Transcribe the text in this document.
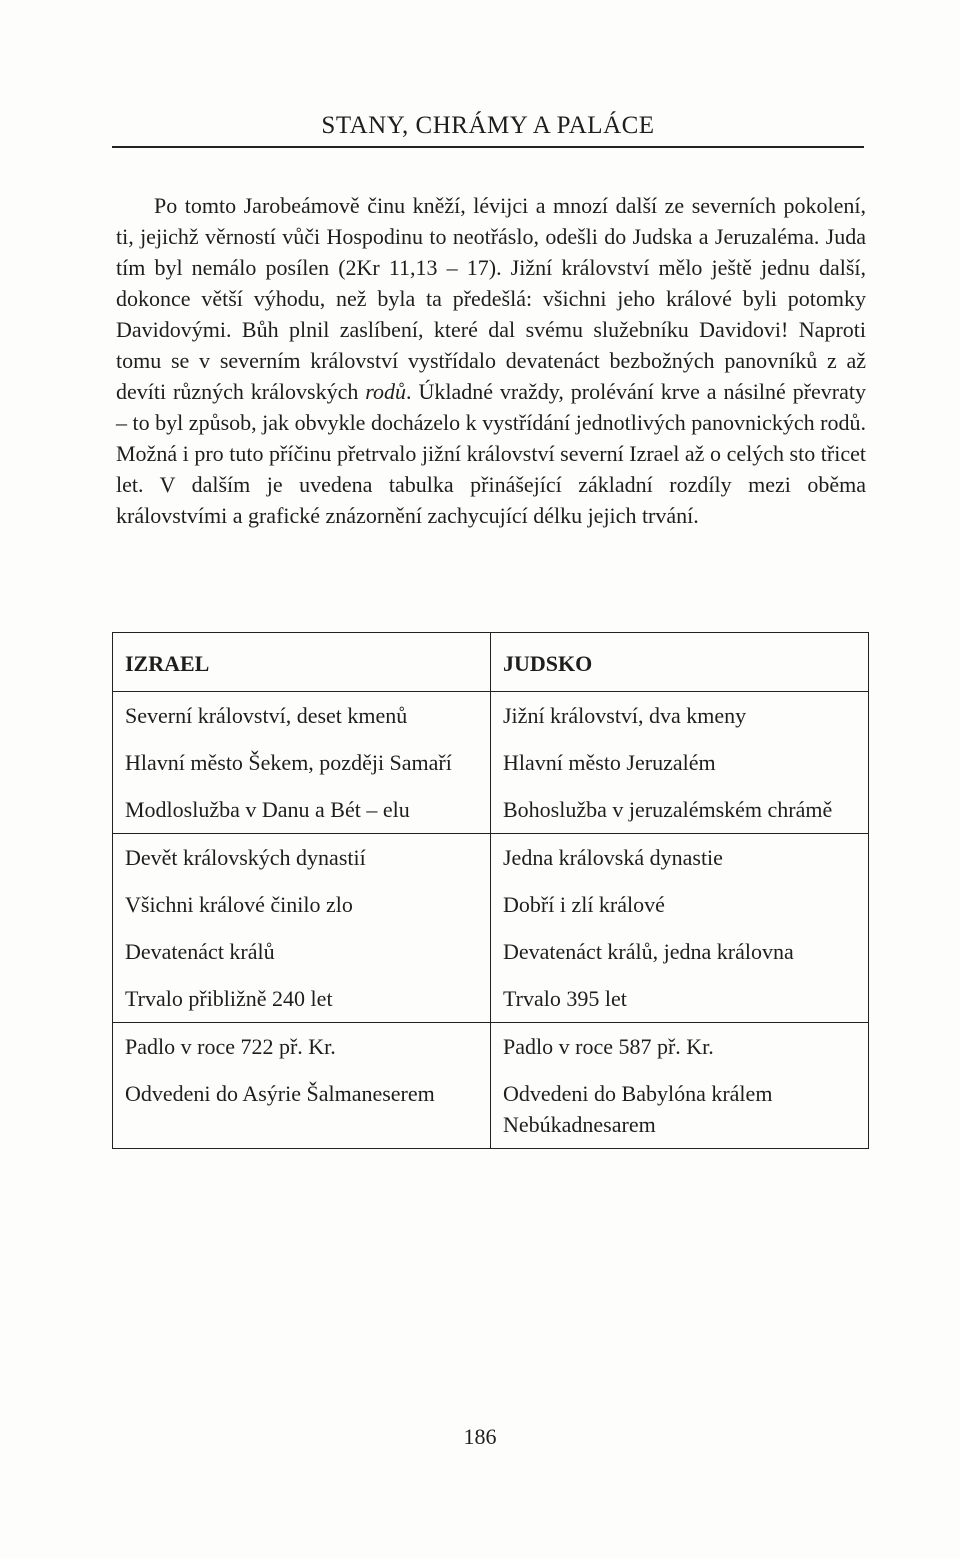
STANY, CHRÁMY A PALÁCE

Po tomto Jarobeámově činu kněží, lévijci a mnozí další ze severních pokolení, ti, jejichž věrností vůči Hospodinu to neotřáslo, odešli do Judska a Jeruzaléma. Juda tím byl nemálo posílen (2Kr 11,13 – 17). Jižní království mělo ještě jednu další, dokonce větší výhodu, než byla ta předešlá: všichni jeho králové byli potomky Davidovými. Bůh plnil zaslíbení, které dal svému služebníku Davidovi! Naproti tomu se v severním království vystřídalo devatenáct bezbožných panovníků z až devíti různých královských rodů. Úkladné vraždy, prolévání krve a násilné převraty – to byl způsob, jak obvykle docházelo k vystřídání jednotlivých panovnických rodů. Možná i pro tuto příčinu přetrvalo jižní království severní Izrael až o celých sto třicet let. V dalším je uvedena tabulka přinášející základní rozdíly mezi oběma královstvími a grafické znázornění zachycující délku jejich trvání.

IZRAEL	JUDSKO
Severní království, deset kmenů	Jižní království, dva kmeny
Hlavní město Šekem, později Samaří	Hlavní město Jeruzalém
Modloslužba v Danu a Bét – elu	Bohoslužba v jeruzalémském chrámě
Devět královských dynastií	Jedna královská dynastie
Všichni králové činilo zlo	Dobří i zlí králové
Devatenáct králů	Devatenáct králů, jedna královna
Trvalo přibližně 240 let	Trvalo 395 let
Padlo v roce 722 př. Kr.	Padlo v roce 587 př. Kr.
Odvedeni do Asýrie Šalmaneserem	Odvedeni do Babylóna králem Nebúkadnesarem
186
